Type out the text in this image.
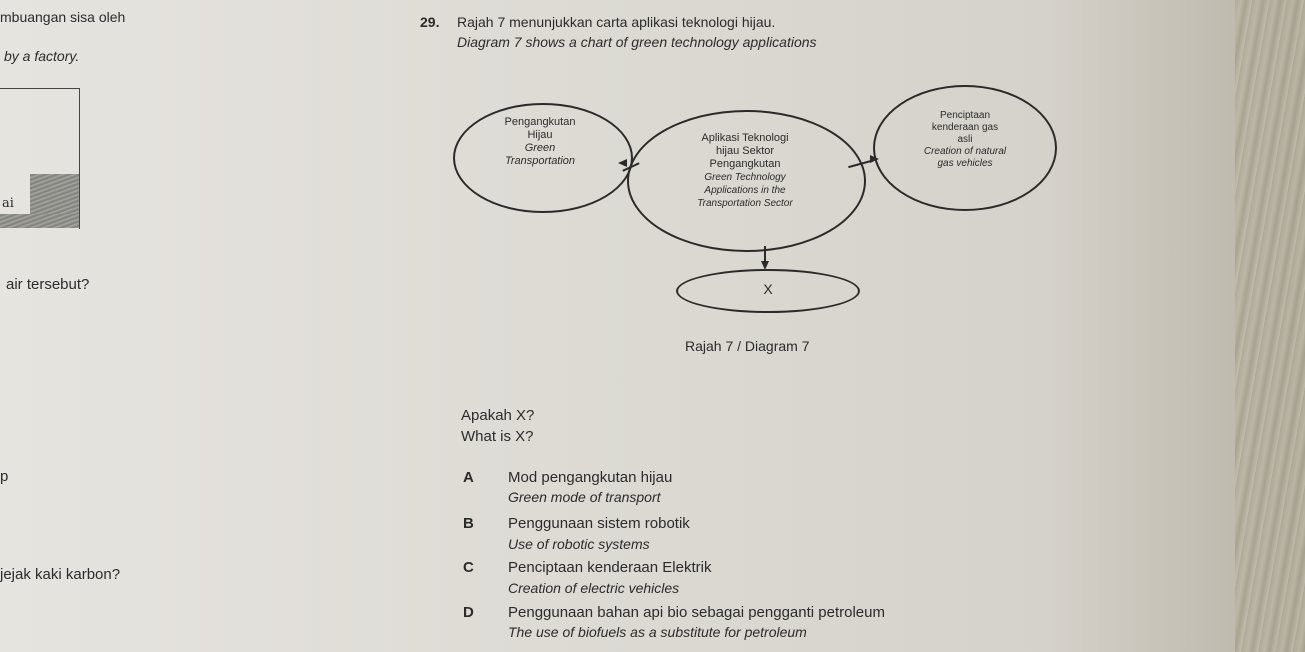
mbuangan sisa oleh
by a factory.
ai
air tersebut?
p
jejak kaki karbon?
29. Rajah 7 menunjukkan carta aplikasi teknologi hijau.
Diagram 7 shows a chart of green technology applications
Aplikasi Teknologi
hijau Sektor
Pengangkutan
Green Technology
Applications in the
Transportation Sector
Pengangkutan
Hijau
Green
Transportation
Penciptaan
kenderaan gas
asli
Creation of natural
gas vehicles
X
Rajah 7 / Diagram 7
Apakah X?
What is X?
A Mod pengangkutan hijau
Green mode of transport
B Penggunaan sistem robotik
Use of robotic systems
C Penciptaan kenderaan Elektrik
Creation of electric vehicles
D Penggunaan bahan api bio sebagai pengganti petroleum
The use of biofuels as a substitute for petroleum
